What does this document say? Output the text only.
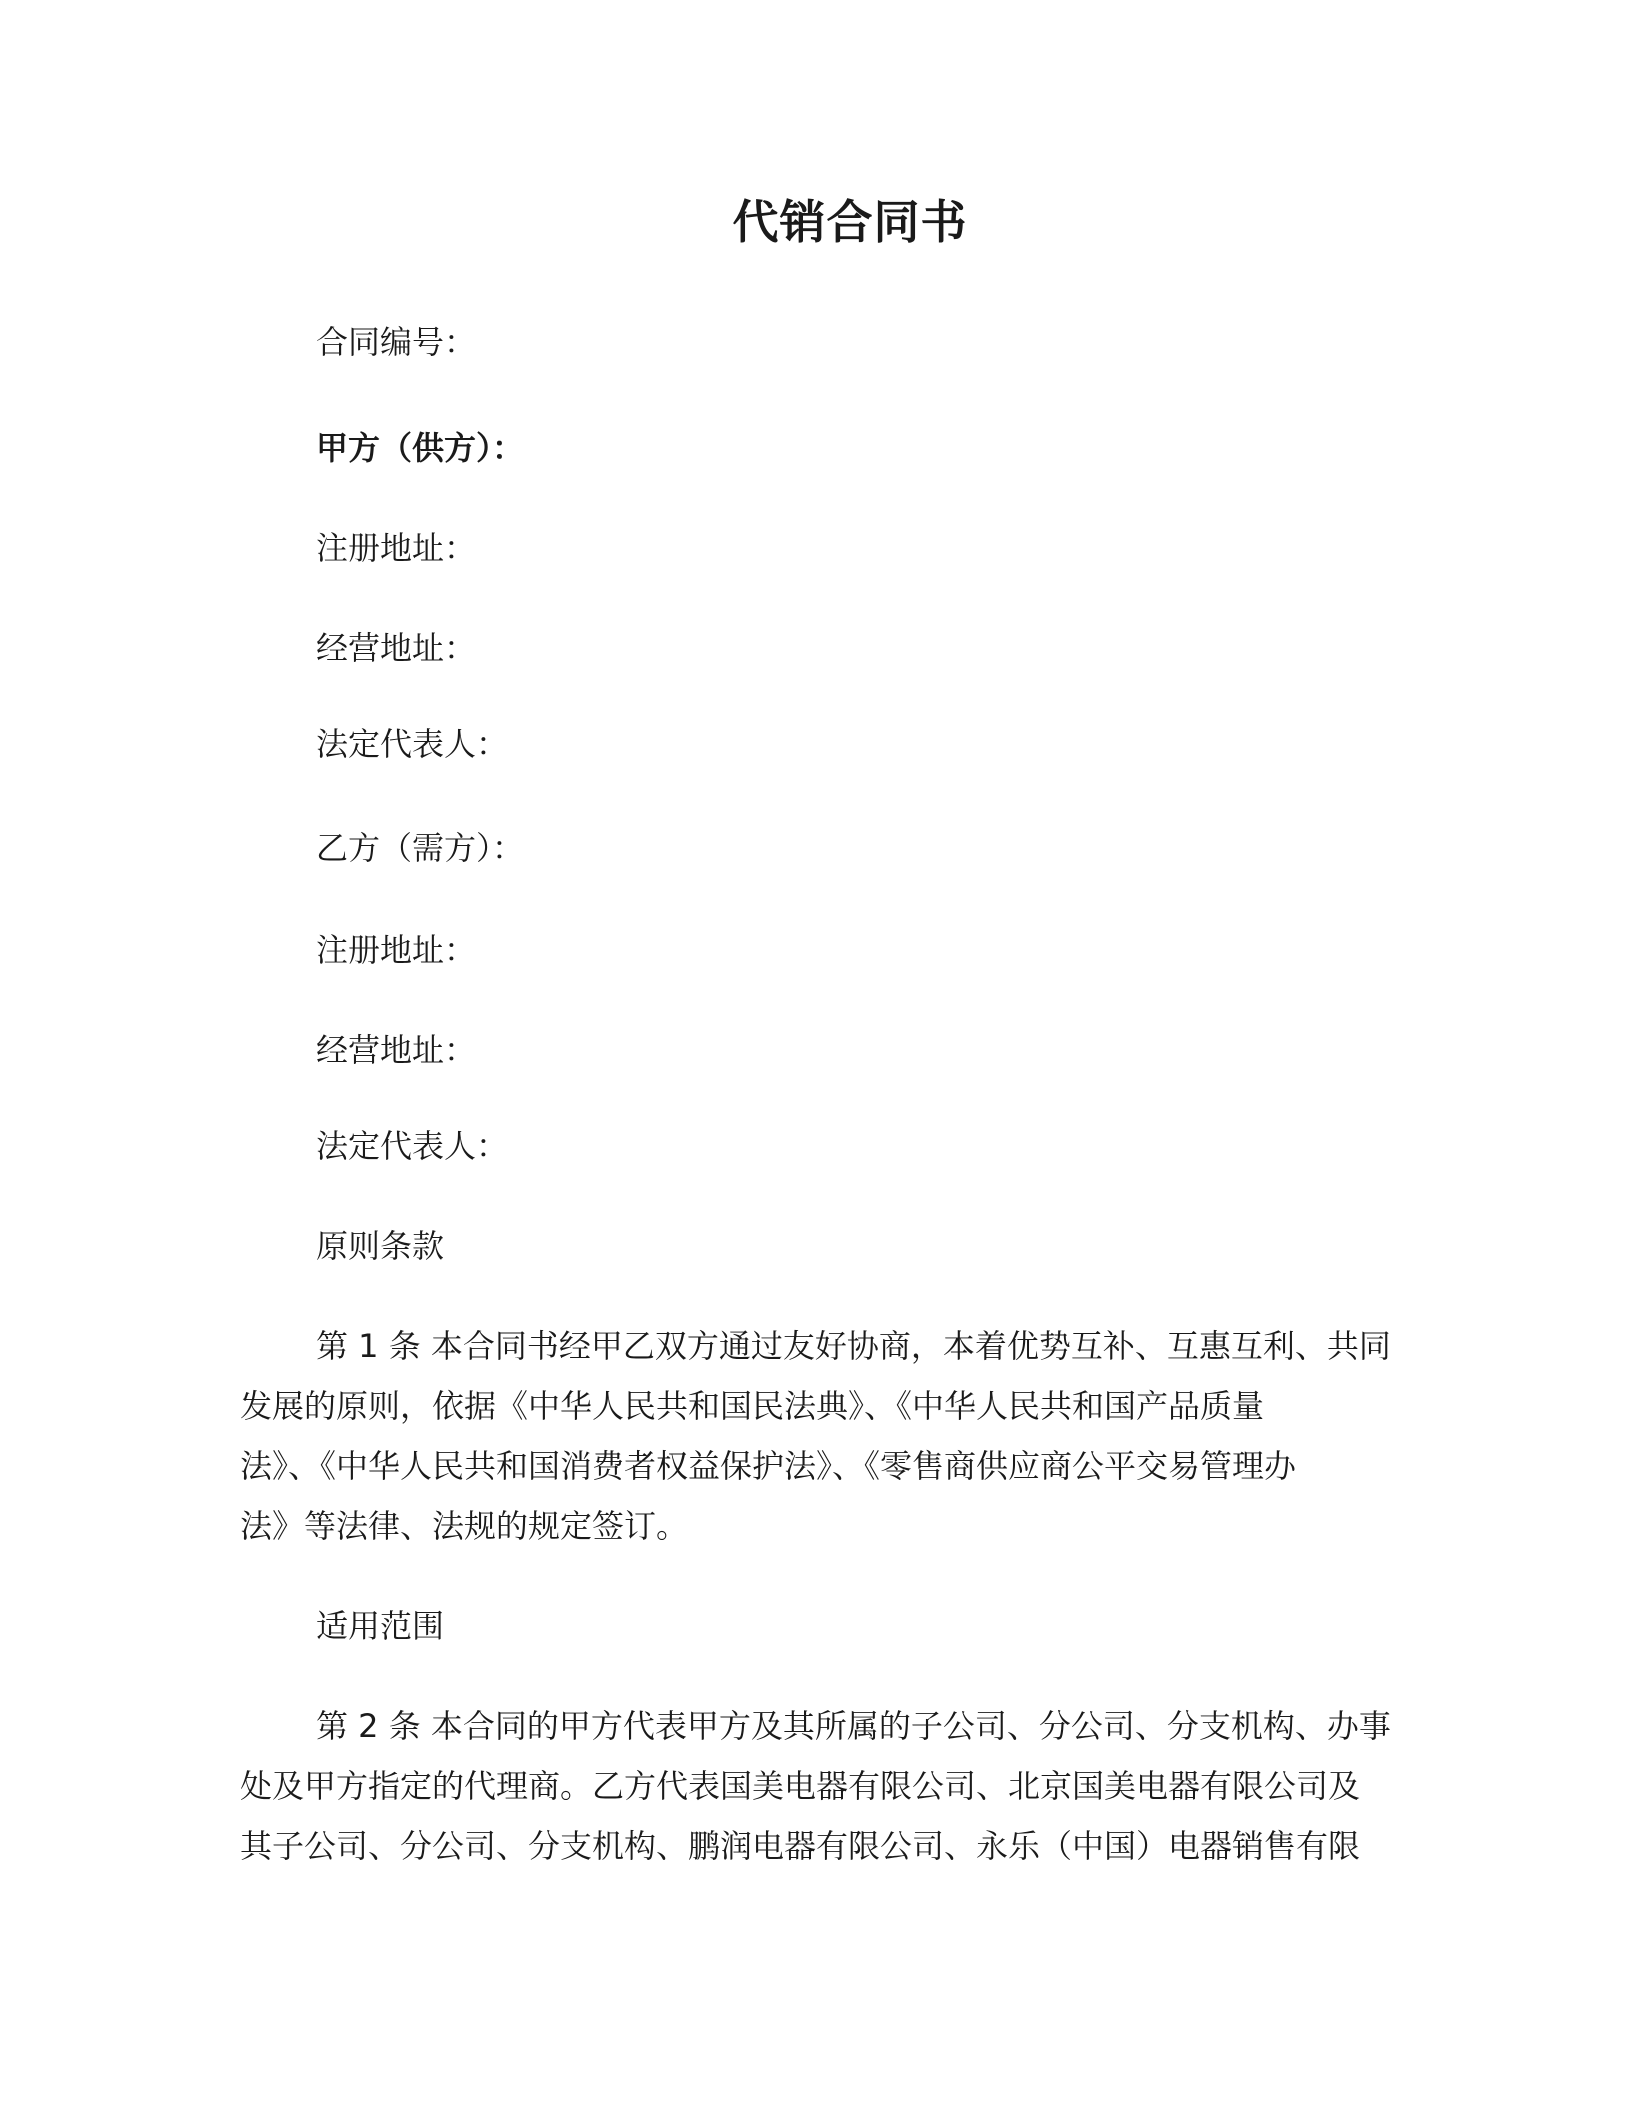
代销合同书
合同编号：
甲方（供方）：
注册地址：
经营地址：
法定代表人：
乙方（需方）：
注册地址：
经营地址：
法定代表人：
原则条款
第 1 条 本合同书经甲乙双方通过友好协商，本着优势互补、互惠互利、共同
发展的原则，依据《中华人民共和国民法典》、《中华人民共和国产品质量
法》、《中华人民共和国消费者权益保护法》、《零售商供应商公平交易管理办
法》等法律、法规的规定签订。
适用范围
第 2 条 本合同的甲方代表甲方及其所属的子公司、分公司、分支机构、办事
处及甲方指定的代理商。乙方代表国美电器有限公司、北京国美电器有限公司及
其子公司、分公司、分支机构、鹏润电器有限公司、永乐（中国）电器销售有限
